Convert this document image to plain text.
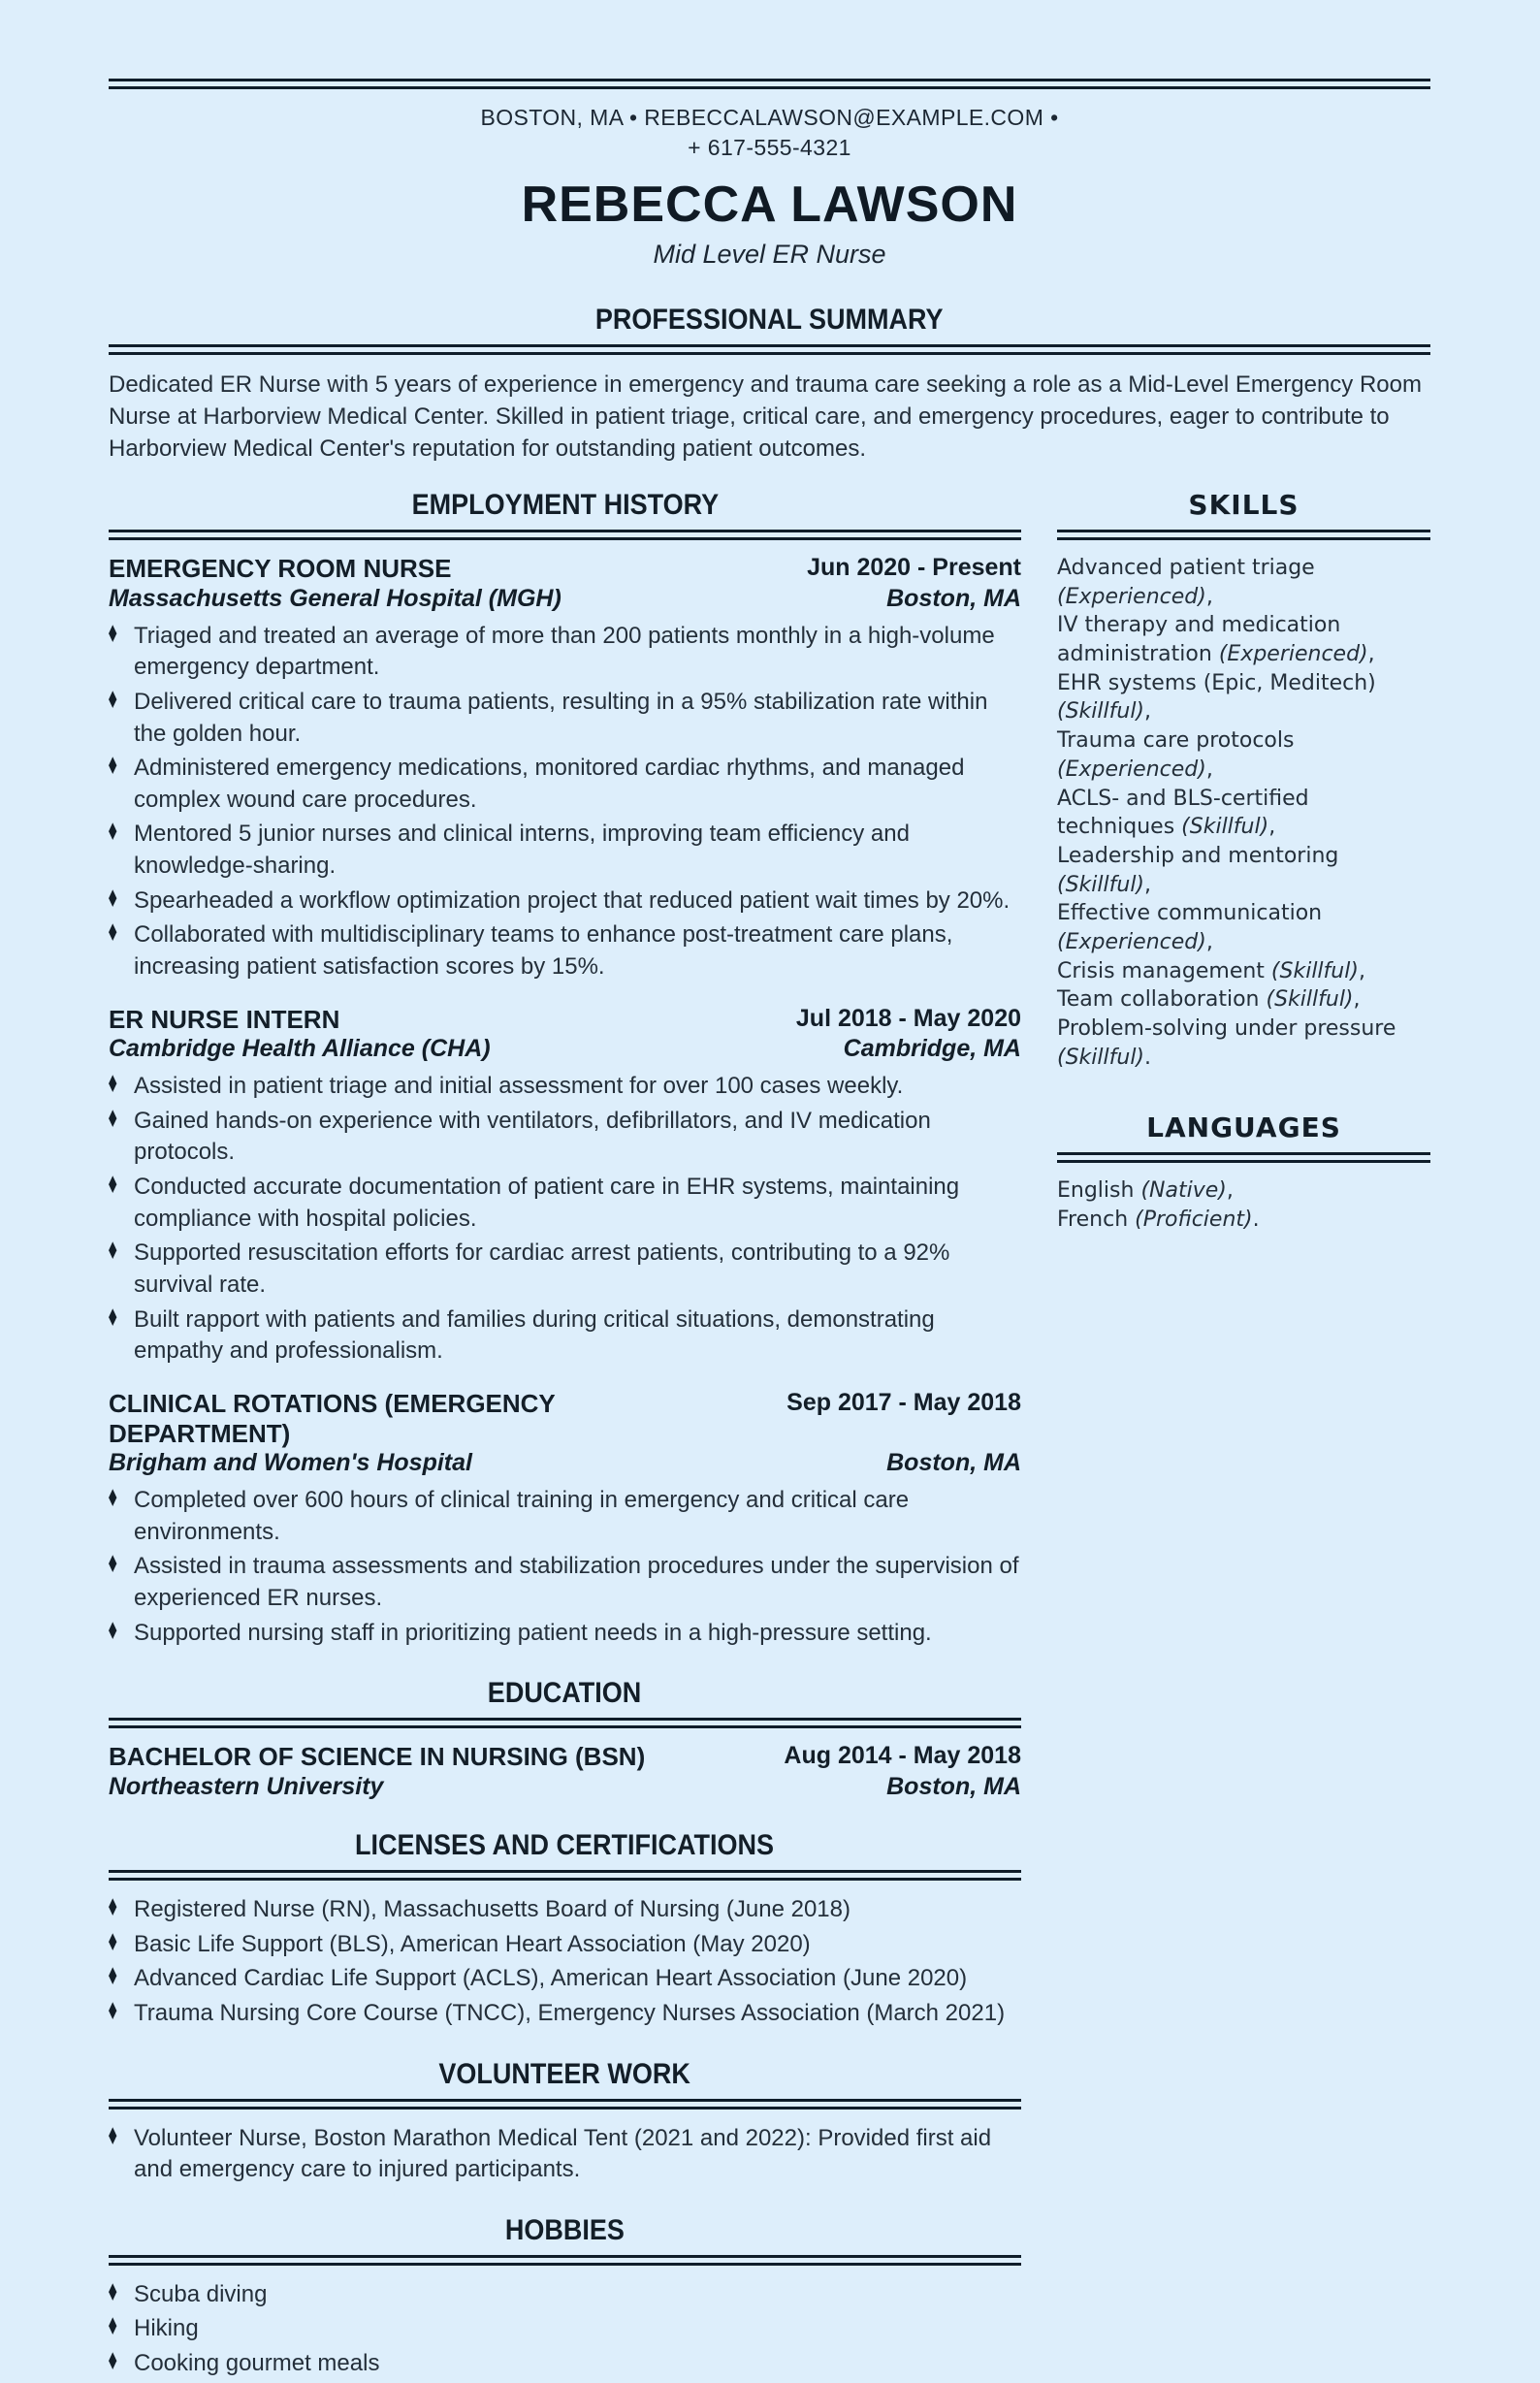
BOSTON, MA • REBECCALAWSON@EXAMPLE.COM •
+ 617-555-4321
REBECCA LAWSON
Mid Level ER Nurse
PROFESSIONAL SUMMARY

Dedicated ER Nurse with 5 years of experience in emergency and trauma care seeking a role as a Mid-Level Emergency Room Nurse at Harborview Medical Center. Skilled in patient triage, critical care, and emergency procedures, eager to contribute to Harborview Medical Center's reputation for outstanding patient outcomes.

EMPLOYMENT HISTORY
EMERGENCY ROOM NURSE	Jun 2020 - Present
Massachusetts General Hospital (MGH)	Boston, MA
⧫ Triaged and treated an average of more than 200 patients monthly in a high-volume emergency department.
⧫ Delivered critical care to trauma patients, resulting in a 95% stabilization rate within the golden hour.
⧫ Administered emergency medications, monitored cardiac rhythms, and managed complex wound care procedures.
⧫ Mentored 5 junior nurses and clinical interns, improving team efficiency and knowledge-sharing.
⧫ Spearheaded a workflow optimization project that reduced patient wait times by 20%.
⧫ Collaborated with multidisciplinary teams to enhance post-treatment care plans, increasing patient satisfaction scores by 15%.
ER NURSE INTERN	Jul 2018 - May 2020
Cambridge Health Alliance (CHA)	Cambridge, MA
⧫ Assisted in patient triage and initial assessment for over 100 cases weekly.
⧫ Gained hands-on experience with ventilators, defibrillators, and IV medication protocols.
⧫ Conducted accurate documentation of patient care in EHR systems, maintaining compliance with hospital policies.
⧫ Supported resuscitation efforts for cardiac arrest patients, contributing to a 92% survival rate.
⧫ Built rapport with patients and families during critical situations, demonstrating empathy and professionalism.
CLINICAL ROTATIONS (EMERGENCY DEPARTMENT)
Sep 2017 - May 2018
Brigham and Women's Hospital	Boston, MA
⧫ Completed over 600 hours of clinical training in emergency and critical care environments.
⧫ Assisted in trauma assessments and stabilization procedures under the supervision of experienced ER nurses.
⧫ Supported nursing staff in prioritizing patient needs in a high-pressure setting.
EDUCATION
BACHELOR OF SCIENCE IN NURSING (BSN)	Aug 2014 - May 2018
Northeastern University	Boston, MA
LICENSES AND CERTIFICATIONS
⧫ Registered Nurse (RN), Massachusetts Board of Nursing (June 2018)
⧫ Basic Life Support (BLS), American Heart Association (May 2020)
⧫ Advanced Cardiac Life Support (ACLS), American Heart Association (June 2020)
⧫ Trauma Nursing Core Course (TNCC), Emergency Nurses Association (March 2021)
VOLUNTEER WORK
⧫ Volunteer Nurse, Boston Marathon Medical Tent (2021 and 2022): Provided first aid and emergency care to injured participants.
HOBBIES
⧫ Scuba diving
⧫ Hiking
⧫ Cooking gourmet meals
SKILLS
Advanced patient triage (Experienced),
IV therapy and medication administration (Experienced),
EHR systems (Epic, Meditech) (Skillful),
Trauma care protocols (Experienced),
ACLS- and BLS-certified techniques (Skillful),
Leadership and mentoring (Skillful),
Effective communication (Experienced),
Crisis management (Skillful),
Team collaboration (Skillful),
Problem-solving under pressure (Skillful).
LANGUAGES
English (Native),
French (Proficient).
